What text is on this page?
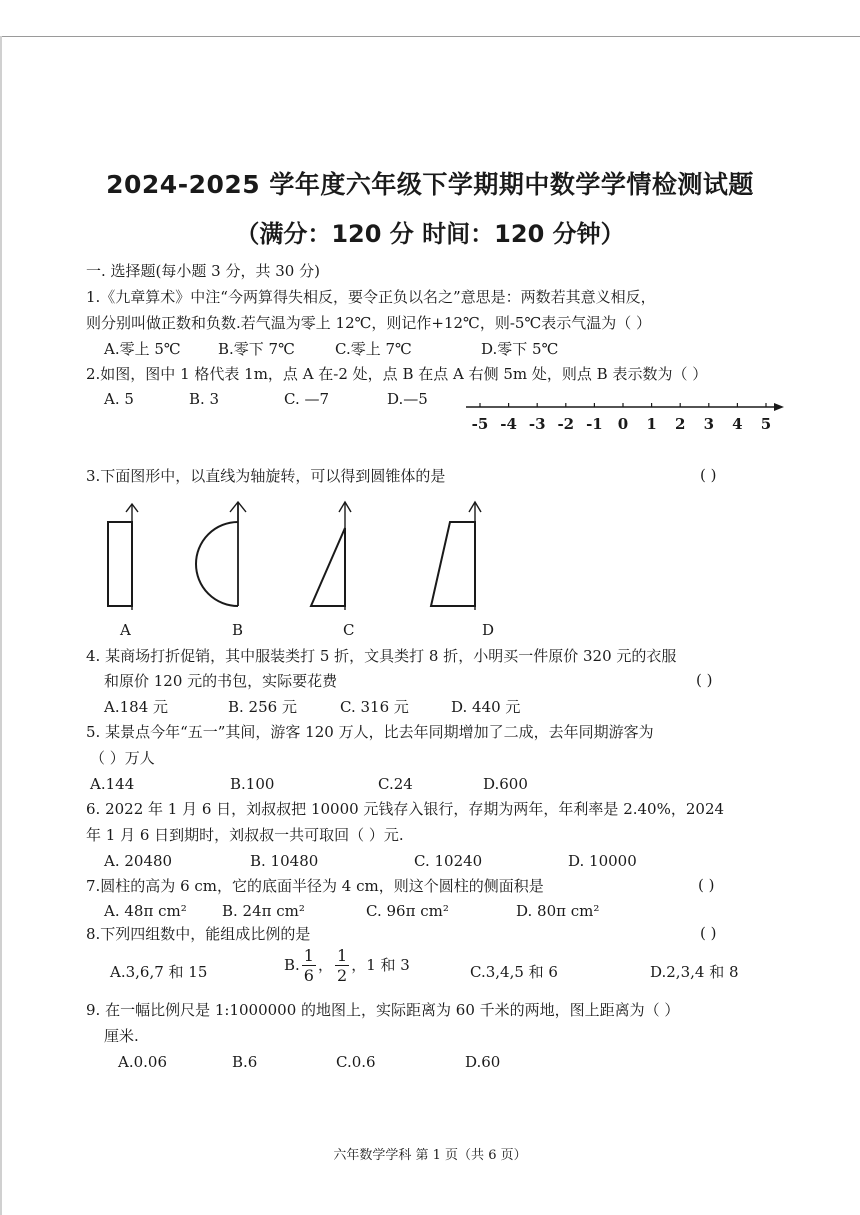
2024-2025 学年度六年级下学期期中数学学情检测试题
（满分：120 分 时间：120 分钟）
一. 选择题(每小题 3 分，共 30 分)
1.《九章算术》中注“今两算得失相反，要令正负以名之”意思是：两数若其意义相反，
则分别叫做正数和负数.若气温为零上 12℃，则记作+12℃，则-5℃表示气温为（ ）
A.零上 5℃ B.零下 7℃	C.零上 7℃	D.零下 5℃
2.如图，图中 1 格代表 1m，点 A 在-2 处，点 B 在点 A 右侧 5m 处，则点 B 表示数为（ ）
A. 5	B. 3	C. —7	D.—5
-5 -4 -3 -2 -1 0 1 2 3 4 5
3.下面图形中，以直线为轴旋转，可以得到圆锥体的是	( )
A	B	C	D
4. 某商场打折促销，其中服装类打 5 折，文具类打 8 折，小明买一件原价 320 元的衣服
和原价 120 元的书包，实际要花费	( )
A.184 元	B. 256 元	C. 316 元	D. 440 元
5. 某景点今年“五一”其间，游客 120 万人，比去年同期增加了二成，去年同期游客为
（ ）万人
A.144	B.100	C.24	D.600
6. 2022 年 1 月 6 日，刘叔叔把 10000 元钱存入银行，存期为两年，年利率是 2.40%，2024
年 1 月 6 日到期时，刘叔叔一共可取回（ ）元.
A. 20480	B. 10480	C. 10240	D. 10000
7.圆柱的高为 6 cm，它的底面半径为 4 cm，则这个圆柱的侧面积是	( )
A. 48π cm² B. 24π cm²	C. 96π cm²	D. 80π cm²
8.下列四组数中，能组成比例的是	( )
A.3,6,7 和 15	B. $\frac{1}{6}$ ， $\frac{1}{2}$ ，1 和 3	C.3,4,5 和 6	D.2,3,4 和 8
9. 在一幅比例尺是 1:1000000 的地图上，实际距离为 60 千米的两地，图上距离为（ ）
厘米.
A.0.06	B.6	C.0.6	D.60
六年数学学科 第 1 页（共 6 页）
